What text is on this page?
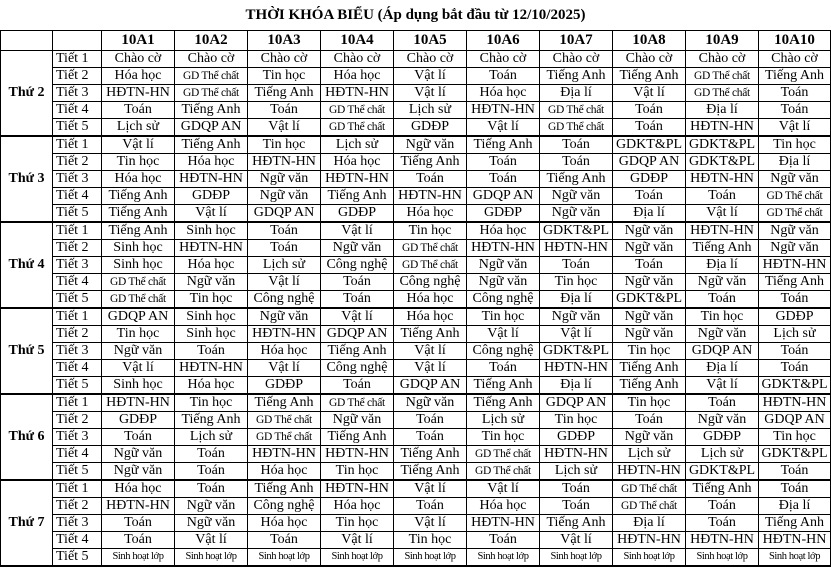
THỜI KHÓA BIỂU (Áp dụng bắt đầu từ 12/10/2025)
		10A1	10A2	10A3	10A4	10A5	10A6	10A7	10A8	10A9	10A10
Thứ 2	Tiết 1	Chào cờ	Chào cờ	Chào cờ	Chào cờ	Chào cờ	Chào cờ	Chào cờ	Chào cờ	Chào cờ	Chào cờ
	Tiết 2	Hóa học	GD Thể chất	Tin học	Hóa học	Vật lí	Toán	Tiếng Anh	Tiếng Anh	GD Thể chất	Tiếng Anh
	Tiết 3	HĐTN-HN	GD Thể chất	Tiếng Anh	HĐTN-HN	Vật lí	Hóa học	Địa lí	Vật lí	GD Thể chất	Toán
	Tiết 4	Toán	Tiếng Anh	Toán	GD Thể chất	Lịch sử	HĐTN-HN	GD Thể chất	Toán	Địa lí	Toán
	Tiết 5	Lịch sử	GDQP AN	Vật lí	GD Thể chất	GDĐP	Vật lí	GD Thể chất	Toán	HĐTN-HN	Vật lí
Thứ 3	Tiết 1	Vật lí	Tiếng Anh	Tin học	Lịch sử	Ngữ văn	Tiếng Anh	Toán	GDKT&PL	GDKT&PL	Tin học
	Tiết 2	Tin học	Hóa học	HĐTN-HN	Hóa học	Tiếng Anh	Toán	Toán	GDQP AN	GDKT&PL	Địa lí
	Tiết 3	Hóa học	HĐTN-HN	Ngữ văn	HĐTN-HN	Toán	Toán	Tiếng Anh	GDĐP	HĐTN-HN	Ngữ văn
	Tiết 4	Tiếng Anh	GDĐP	Ngữ văn	Tiếng Anh	HĐTN-HN	GDQP AN	Ngữ văn	Toán	Toán	GD Thể chất
	Tiết 5	Tiếng Anh	Vật lí	GDQP AN	GDĐP	Hóa học	GDĐP	Ngữ văn	Địa lí	Vật lí	GD Thể chất
Thứ 4	Tiết 1	Tiếng Anh	Sinh học	Toán	Vật lí	Tin học	Hóa học	GDKT&PL	Ngữ văn	HĐTN-HN	Ngữ văn
	Tiết 2	Sinh học	HĐTN-HN	Toán	Ngữ văn	GD Thể chất	HĐTN-HN	HĐTN-HN	Ngữ văn	Tiếng Anh	Ngữ văn
	Tiết 3	Sinh học	Hóa học	Lịch sử	Công nghệ	GD Thể chất	Ngữ văn	Toán	Toán	Địa lí	HĐTN-HN
	Tiết 4	GD Thể chất	Ngữ văn	Vật lí	Toán	Công nghệ	Ngữ văn	Tin học	Ngữ văn	Ngữ văn	Tiếng Anh
	Tiết 5	GD Thể chất	Tin học	Công nghệ	Toán	Hóa học	Công nghệ	Địa lí	GDKT&PL	Toán	Toán
Thứ 5	Tiết 1	GDQP AN	Sinh học	Ngữ văn	Vật lí	Hóa học	Tin học	Ngữ văn	Ngữ văn	Tin học	GDĐP
	Tiết 2	Tin học	Sinh học	HĐTN-HN	GDQP AN	Tiếng Anh	Vật lí	Vật lí	Ngữ văn	Ngữ văn	Lịch sử
	Tiết 3	Ngữ văn	Toán	Hóa học	Tiếng Anh	Vật lí	Công nghệ	GDKT&PL	Tin học	GDQP AN	Toán
	Tiết 4	Vật lí	HĐTN-HN	Vật lí	Công nghệ	Vật lí	Toán	HĐTN-HN	Tiếng Anh	Địa lí	Toán
	Tiết 5	Sinh học	Hóa học	GDĐP	Toán	GDQP AN	Tiếng Anh	Địa lí	Tiếng Anh	Vật lí	GDKT&PL
Thứ 6	Tiết 1	HĐTN-HN	Tin học	Tiếng Anh	GD Thể chất	Ngữ văn	Tiếng Anh	GDQP AN	Tin học	Toán	HĐTN-HN
	Tiết 2	GDĐP	Tiếng Anh	GD Thể chất	Ngữ văn	Toán	Lịch sử	Tin học	Toán	Ngữ văn	GDQP AN
	Tiết 3	Toán	Lịch sử	GD Thể chất	Tiếng Anh	Toán	Tin học	GDĐP	Ngữ văn	GDĐP	Tin học
	Tiết 4	Ngữ văn	Toán	HĐTN-HN	HĐTN-HN	Tiếng Anh	GD Thể chất	HĐTN-HN	Lịch sử	Lịch sử	GDKT&PL
	Tiết 5	Ngữ văn	Toán	Hóa học	Tin học	Tiếng Anh	GD Thể chất	Lịch sử	HĐTN-HN	GDKT&PL	Toán
Thứ 7	Tiết 1	Hóa học	Toán	Tiếng Anh	HĐTN-HN	Vật lí	Vật lí	Toán	GD Thể chất	Tiếng Anh	Toán
	Tiết 2	HĐTN-HN	Ngữ văn	Công nghệ	Hóa học	Toán	Hóa học	Toán	GD Thể chất	Toán	Địa lí
	Tiết 3	Toán	Ngữ văn	Hóa học	Tin học	Vật lí	HĐTN-HN	Tiếng Anh	Địa lí	Toán	Tiếng Anh
	Tiết 4	Toán	Vật lí	Toán	Vật lí	Tin học	Toán	Vật lí	HĐTN-HN	HĐTN-HN	HĐTN-HN
	Tiết 5	Sinh hoạt lớp	Sinh hoạt lớp	Sinh hoạt lớp	Sinh hoạt lớp	Sinh hoạt lớp	Sinh hoạt lớp	Sinh hoạt lớp	Sinh hoạt lớp	Sinh hoạt lớp	Sinh hoạt lớp
